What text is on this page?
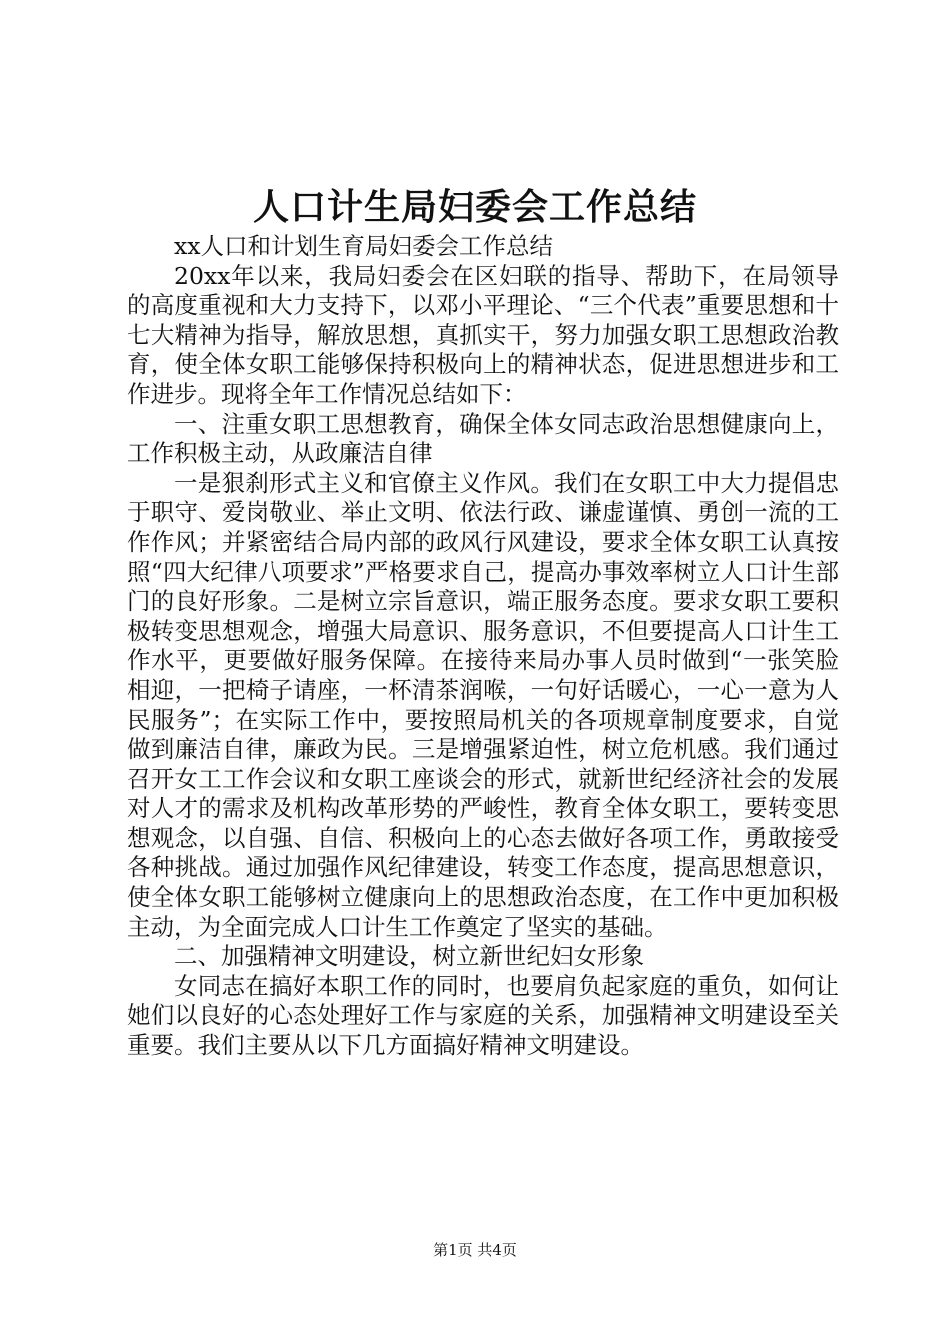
人口计生局妇委会工作总结

xx人口和计划生育局妇委会工作总结

20xx年以来，我局妇委会在区妇联的指导、帮助下，在局领导的高度重视和大力支持下，以邓小平理论、“三个代表”重要思想和十七大精神为指导，解放思想，真抓实干，努力加强女职工思想政治教育，使全体女职工能够保持积极向上的精神状态，促进思想进步和工作进步。现将全年工作情况总结如下：

一、注重女职工思想教育，确保全体女同志政治思想健康向上，工作积极主动，从政廉洁自律

一是狠刹形式主义和官僚主义作风。我们在女职工中大力提倡忠于职守、爱岗敬业、举止文明、依法行政、谦虚谨慎、勇创一流的工作作风；并紧密结合局内部的政风行风建设，要求全体女职工认真按照“四大纪律八项要求”严格要求自己，提高办事效率树立人口计生部门的良好形象。二是树立宗旨意识，端正服务态度。要求女职工要积极转变思想观念，增强大局意识、服务意识，不但要提高人口计生工作水平，更要做好服务保障。在接待来局办事人员时做到“一张笑脸相迎，一把椅子请座，一杯清茶润喉，一句好话暖心，一心一意为人民服务”；在实际工作中，要按照局机关的各项规章制度要求，自觉做到廉洁自律，廉政为民。三是增强紧迫性，树立危机感。我们通过召开女工工作会议和女职工座谈会的形式，就新世纪经济社会的发展对人才的需求及机构改革形势的严峻性，教育全体女职工，要转变思想观念，以自强、自信、积极向上的心态去做好各项工作，勇敢接受各种挑战。通过加强作风纪律建设，转变工作态度，提高思想意识，使全体女职工能够树立健康向上的思想政治态度，在工作中更加积极主动，为全面完成人口计生工作奠定了坚实的基础。

二、加强精神文明建设，树立新世纪妇女形象

女同志在搞好本职工作的同时，也要肩负起家庭的重负，如何让她们以良好的心态处理好工作与家庭的关系，加强精神文明建设至关重要。我们主要从以下几方面搞好精神文明建设。

第1页 共4页
